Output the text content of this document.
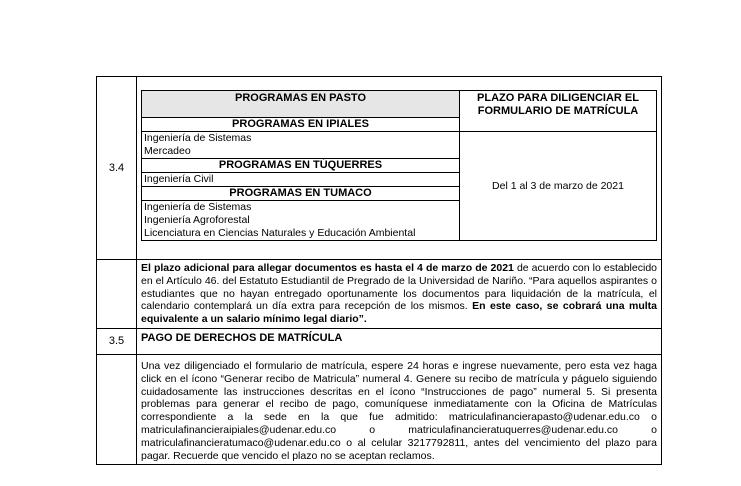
3.4	
PROGRAMAS EN PASTO	PLAZO PARA DILIGENCIAR EL FORMULARIO DE MATRÍCULA
PROGRAMAS EN IPIALES

Ingeniería de Sistemas
Mercadeo
	Del 1 al 3 de marzo de 2021
PROGRAMAS EN TÚQUERRES

Ingeniería Civil

PROGRAMAS EN TUMACO

Ingeniería de Sistemas
Ingeniería Agroforestal
Licenciatura en Ciencias Naturales y Educación Ambiental

El plazo adicional para allegar documentos es hasta el 4 de marzo de 2021 de acuerdo con lo establecido en el Artículo 46. del Estatuto Estudiantil de Pregrado de la Universidad de Nariño. “Para aquellos aspirantes o estudiantes que no hayan entregado oportunamente los documentos para liquidación de la matrícula, el calendario contemplará un día extra para recepción de los mismos. En este caso, se cobrará una multa equivalente a un salario mínimo legal diario”.

3.5	PAGO DE DERECHOS DE MATRÍCULA

Una vez diligenciado el formulario de matrícula, espere 24 horas e ingrese nuevamente, pero esta vez haga click en el ícono “Generar recibo de Matricula” numeral 4. Genere su recibo de matrícula y páguelo siguiendo cuidadosamente las instrucciones descritas en el ícono “Instrucciones de pago” numeral 5. Si presenta problemas para generar el recibo de pago, comuníquese inmediatamente con la Oficina de Matrículas correspondiente a la sede en la que fue admitido: matriculafinancierapasto@udenar.edu.co o matriculafinancieraipiales@udenar.edu.co o matriculafinancieratuquerres@udenar.edu.co o matriculafinancieratumaco@udenar.edu.co o al celular 3217792811, antes del vencimiento del plazo para pagar. Recuerde que vencido el plazo no se aceptan reclamos.
